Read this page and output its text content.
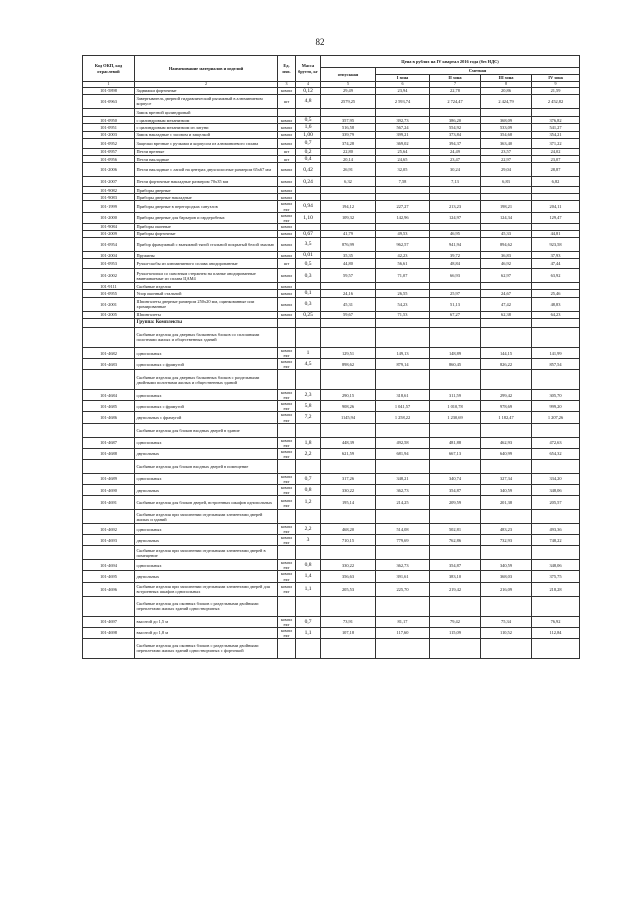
82
Код ОКП, код отраслевой	Наименование материалов и изделий	Ед. изм.	Масса брутто, кг	Цена в рублях на IV квартал 2016 года (без НДС)				
				отпускная	Сметная			
					I зона	II зона	III зона	IV зона
1	2	3	4	5	6	7	8	9
101-5898	Задвижки форточные	компл	0,12	29,49	23,94	22,78	20,86	21,59
101-0963	Завертыватель дверной гидравлический рычажный в алюминиевом корпусе	шт	4,8	2579,25	2 593,74	2 724,47	2 424,79	2 452,82
	Замок врезной цилиндровый							
101-0950	с цилиндровым механизмом	компл	0,5	357,95	392,73	386,20	368,09	376,82
101-0951	с цилиндровым механизмом из латуни	компл	1,6	516,58	567,24	554,92	533,09	541,27
101-2003	Замок накладные с засовом и защелкой	компл	1,00	339,79	399,21	373,84	354,68	354,21
101-0952	Защелки врезные с ручками и корпусом из алюминиевого сплава	компл	0,7	374,28	369,02	394,37	363,40	371,22
101-0957	Петли врезные	шт	0,2	22,80	25,64	24,49	23,57	24,02
101-0956	Петли накладные	шт	0,4	20,14	24,65	23,47	22,97	23,07
101-2006	Петли накладные с лапой на центрах двухполосные размером 65х67 мм	компл	0,42	26,91	32,05	30,24	29,04	28,87
101-2007	Петли форточные накладные размером 70х35 мм	компл	0,24	6,32	7,58	7,13	6,83	6,82
101-9082	Приборы дверные	компл						
101-9083	Приборы дверные накладные	компл						
101-1999	Приборы дверные в перегородках санузлов	компл ект	0,94	194,12	227,27	213,23	198,21	204,11
101-2000	Приборы дверные для барьеров и гардеробных	компл ект	1,10	109,32	142,96	124,97	124,34	129,47
101-9084	Приборы оконные	компл						
101-2009	Приборы форточные	компл	0,67	41,79	49,53	46,95	45,33	44,81
101-0954	Прибор фрамужный с вытяжной тягой стальной покрытый белой эмалью	компл	3,5	876,99	962,57	941,94	894,62	923,58
101-2004	Пружины	компл	0,01	35,35	42,23	39,72	36,83	37,93
101-0953	Ручки-скобы из алюминиевого сплава анодированные	шт	0,5	44,80	56,61	48,84	46,92	47,44
101-2002	Ручки-кнопки со сквозным стержнем на планке анодированные ввинчиваемые из сплава ЦАМ4	компл	0,3	59,57	71,07	66,93	62,97	63,92
101-9111	Скобяные изделия	компл						
101-0955	Упор оконный стальной	компл	0,1	24,16	26,55	25,97	24,67	25,46
101-2001	Шпингалеты дверные размером 250х20 мм, оцинкованные или хромированные	компл	0,3	45,31	54,23	51,13	47,42	48,83
101-2005	Шпингалеты	компл	0,25	59,67	71,53	67,27	62,38	64,23
	Группа: Комплекты							
	Скобяные изделия для дверных балконных блоков со сплошными полотнами жилых и общественных зданий							
101-4682	однопольных	компл ект	1	129,51	149,13	148,89	144,15	141,99
101-4683	однопольных с фрамугой	компл ект	4,5	898,62	879,14	860,45	826,22	857,54
	Скобяные изделия для дверных балконных блоков с раздельными двойными полотнами жилых и общественных зданий							
101-4684	однопольных	компл ект	2,3	290,15	318,61	311,59	299,42	305,70
101-4685	однопольных с фрамугой	компл ект	5,8	908,26	1 041,57	1 010,78	978,69	999,20
101-4686	двупольных с фрамугой	компл ект	7,2	1145,94	1 258,22	1 230,69	1 182,47	1 207,26
	Скобяные изделия для блоков входных дверей в здание							
101-4687	однопольных	компл ект	1,8	448,39	492,58	481,88	462,93	472,63
101-4688	двупольных	компл ект	2,2	621,59	681,94	667,13	640,99	654,32
	Скобяные изделия для блоков входных дверей в помещение							
101-4689	однопольных	компл ект	0,7	317,26	348,21	340,74	327,34	334,20
101-4690	двупольных	компл ект	0,8	330,22	362,73	354,87	340,59	348,06
101-4691	Скобяные изделия для блоков дверей, встроенных шкафов однопольных	компл ект	1,2	195,14	214,25	209,59	201,38	205,57
	Скобяные изделия при заполнении отдельными элементами дверей жилых и зданий							
101-4692	однопольных	компл ект	2,2	468,20	514,08	502,81	483,23	493,36
101-4693	двупольных	компл ект	3	710,15	779,69	762,86	732,93	748,22
	Скобяные изделия при заполнении отдельными элементами дверей в помещение							
101-4694	однопольных	компл ект	0,8	330,22	362,73	354,87	340,59	348,06
101-4695	двупольных	компл ект	1,4	356,63	391,61	383,10	368,03	375,75
101-4696	Скобяные изделия при заполнении отдельными элементами дверей для встроенных шкафов однопольных	компл ект	1,1	205,53	225,70	219,42	216,09	218,28
	Скобяные изделия для оконных блоков с раздельными двойными переплетами жилых зданий одностворчатых							
101-4697	высотой до 1,5 м	компл ект	0,7	73,91	81,17	79,42	75,34	76,92
101-4698	высотой до 1,8 м	компл ект	1,1	107,18	117,60	115,09	110,52	112,84
	Скобяные изделия для оконных блоков с раздельными двойными переплетами жилых зданий одностворчатых с форточкой							
